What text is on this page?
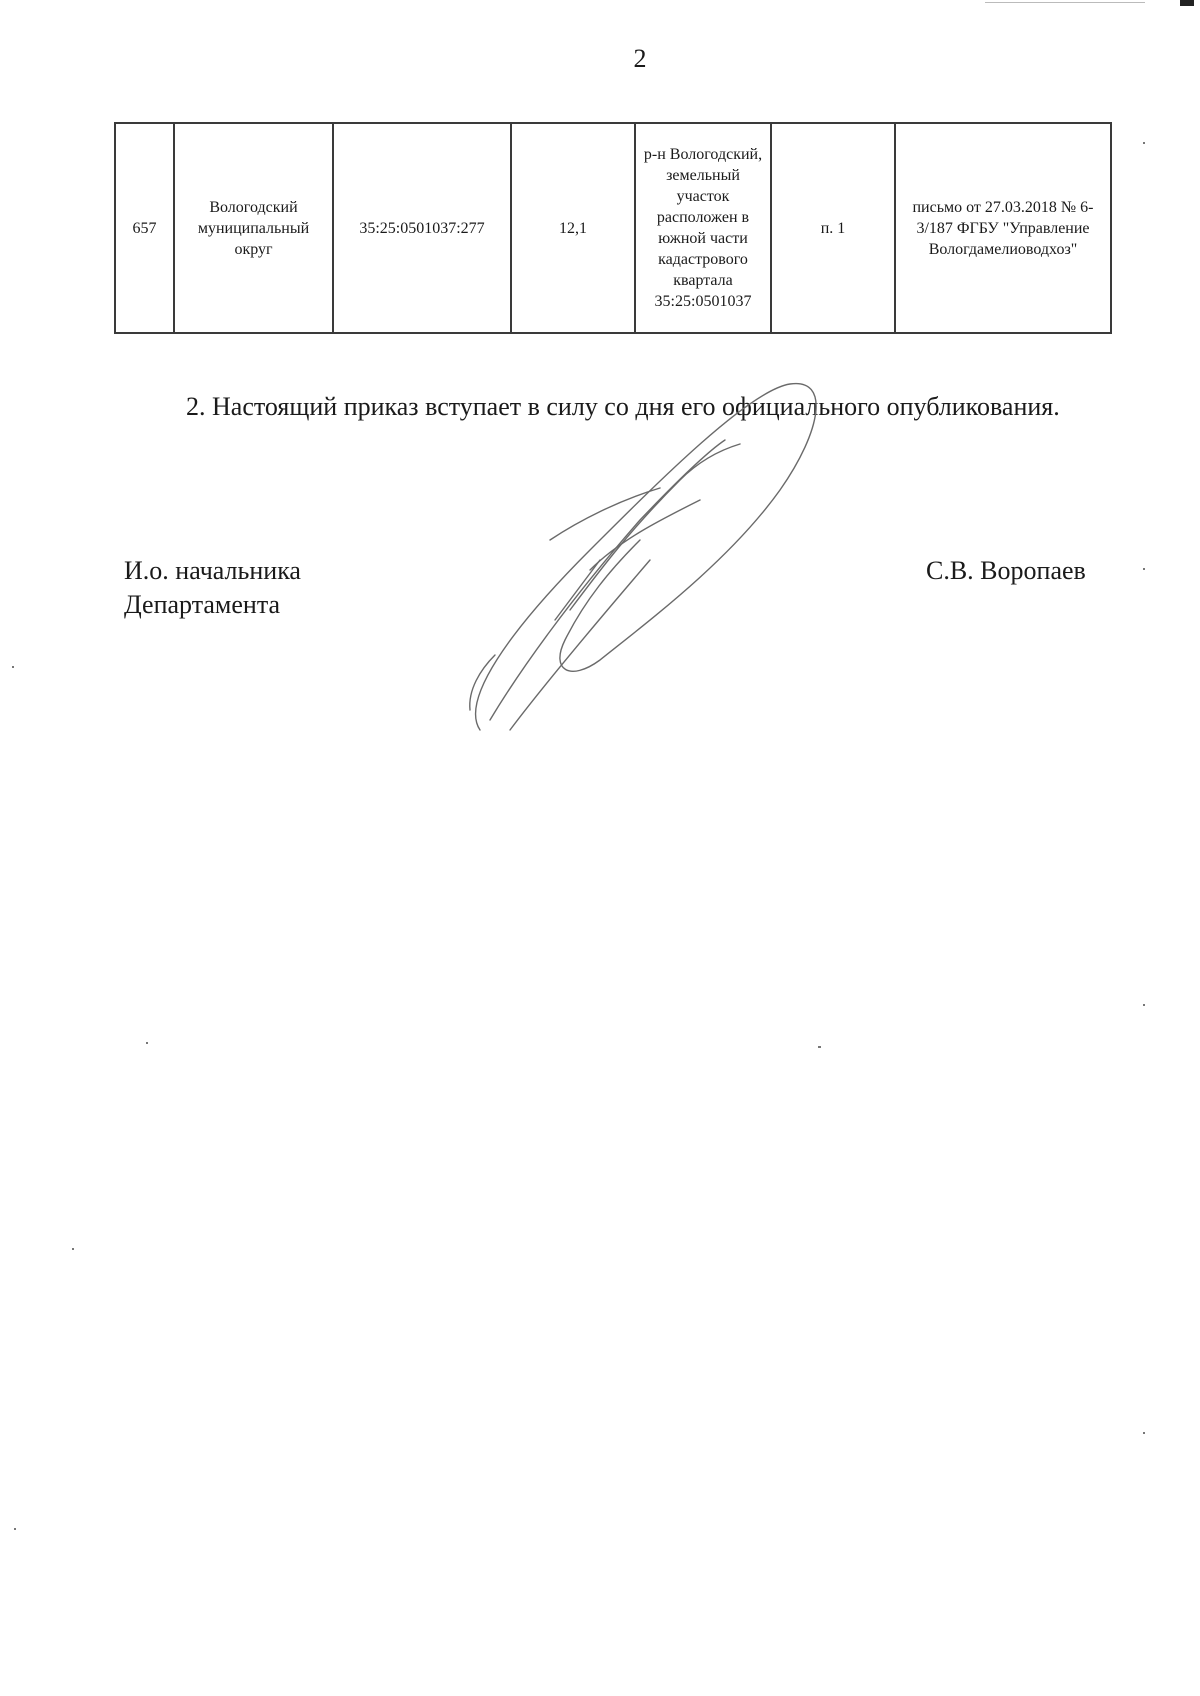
2
657	Вологодский муниципальный округ	35:25:0501037:277	12,1	р-н Вологодский, земельный участок расположен в южной части кадастрового квартала 35:25:0501037	п. 1	письмо от 27.03.2018 № 6-3/187 ФГБУ "Управление Вологдамелиоводхоз"
2. Настоящий приказ вступает в силу со дня его официального опубликования.
И.о. начальника
Департамента
С.В. Воропаев
